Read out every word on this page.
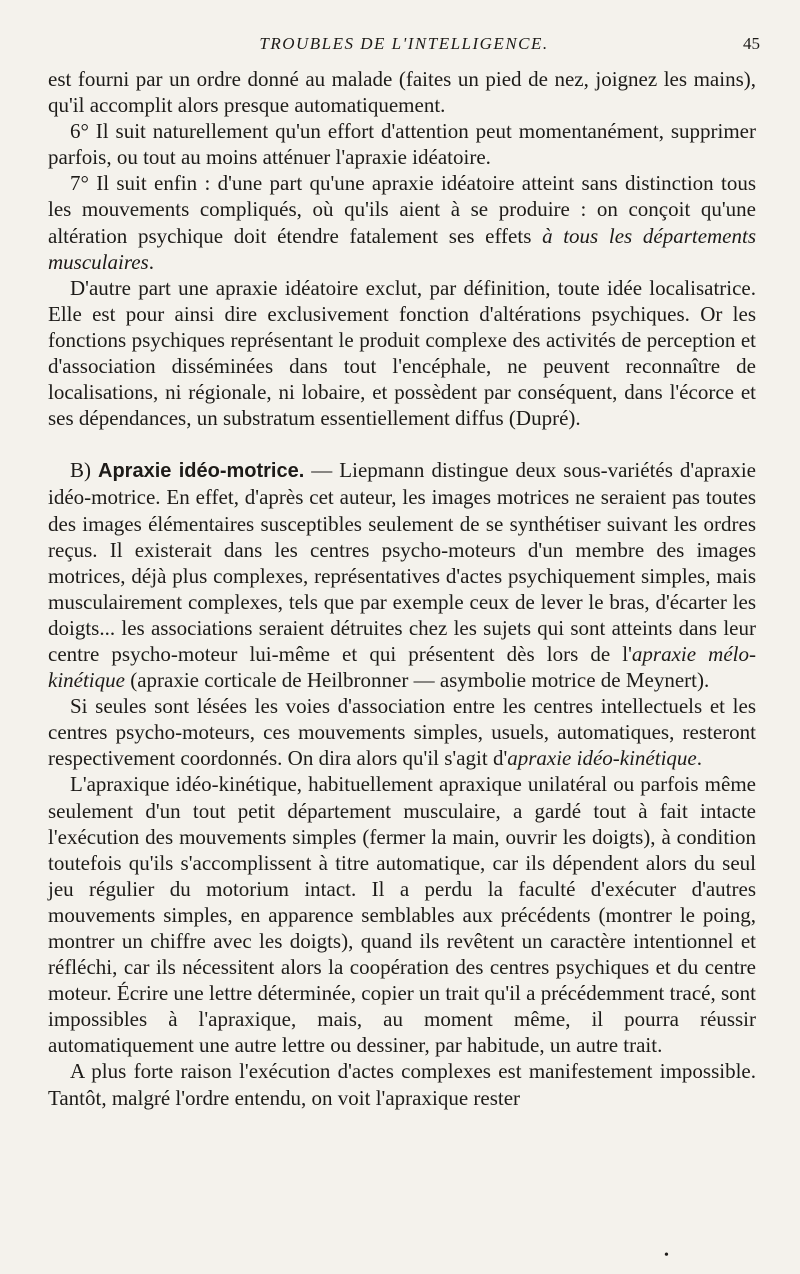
TROUBLES DE L'INTELLIGENCE.	45

est fourni par un ordre donné au malade (faites un pied de nez, joignez les mains), qu'il accomplit alors presque automatiquement.

6° Il suit naturellement qu'un effort d'attention peut momentanément, supprimer parfois, ou tout au moins atténuer l'apraxie idéatoire.

7° Il suit enfin : d'une part qu'une apraxie idéatoire atteint sans distinction tous les mouvements compliqués, où qu'ils aient à se produire : on conçoit qu'une altération psychique doit étendre fatalement ses effets à tous les départements musculaires.

D'autre part une apraxie idéatoire exclut, par définition, toute idée localisatrice. Elle est pour ainsi dire exclusivement fonction d'altérations psychiques. Or les fonctions psychiques représentant le produit complexe des activités de perception et d'association disséminées dans tout l'encéphale, ne peuvent reconnaître de localisations, ni régionale, ni lobaire, et possèdent par conséquent, dans l'écorce et ses dépendances, un substratum essentiellement diffus (Dupré).

B) Apraxie idéo-motrice. — Liepmann distingue deux sous-variétés d'apraxie idéo-motrice. En effet, d'après cet auteur, les images motrices ne seraient pas toutes des images élémentaires susceptibles seulement de se synthétiser suivant les ordres reçus. Il existerait dans les centres psycho-moteurs d'un membre des images motrices, déjà plus complexes, représentatives d'actes psychiquement simples, mais musculairement complexes, tels que par exemple ceux de lever le bras, d'écarter les doigts... les associations seraient détruites chez les sujets qui sont atteints dans leur centre psycho-moteur lui-même et qui présentent dès lors de l'apraxie mélo-kinétique (apraxie corticale de Heilbronner — asymbolie motrice de Meynert).

Si seules sont lésées les voies d'association entre les centres intellectuels et les centres psycho-moteurs, ces mouvements simples, usuels, automatiques, resteront respectivement coordonnés. On dira alors qu'il s'agit d'apraxie idéo-kinétique.

L'apraxique idéo-kinétique, habituellement apraxique unilatéral ou parfois même seulement d'un tout petit département musculaire, a gardé tout à fait intacte l'exécution des mouvements simples (fermer la main, ouvrir les doigts), à condition toutefois qu'ils s'accomplissent à titre automatique, car ils dépendent alors du seul jeu régulier du motorium intact. Il a perdu la faculté d'exécuter d'autres mouvements simples, en apparence semblables aux précédents (montrer le poing, montrer un chiffre avec les doigts), quand ils revêtent un caractère intentionnel et réfléchi, car ils nécessitent alors la coopération des centres psychiques et du centre moteur. Écrire une lettre déterminée, copier un trait qu'il a précédemment tracé, sont impossibles à l'apraxique, mais, au moment même, il pourra réussir automatiquement une autre lettre ou dessiner, par habitude, un autre trait.

A plus forte raison l'exécution d'actes complexes est manifestement impossible. Tantôt, malgré l'ordre entendu, on voit l'apraxique rester

•
